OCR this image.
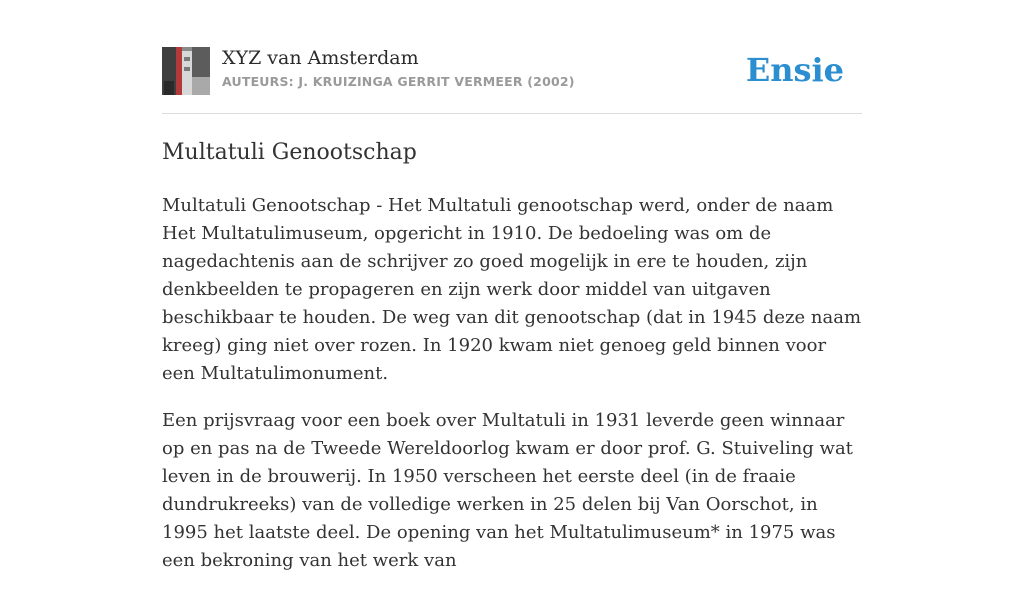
XYZ van Amsterdam
AUTEURS: J. KRUIZINGA GERRIT VERMEER (2002)	Ensie
Multatuli Genootschap

Multatuli Genootschap - Het Multatuli genootschap werd, onder de naam Het Multatulimuseum, opgericht in 1910. De bedoeling was om de nagedachtenis aan de schrijver zo goed mogelijk in ere te houden, zijn denkbeelden te propageren en zijn werk door middel van uitgaven beschikbaar te houden. De weg van dit genootschap (dat in 1945 deze naam kreeg) ging niet over rozen. In 1920 kwam niet genoeg geld binnen voor een Multatulimonument.

Een prijsvraag voor een boek over Multatuli in 1931 leverde geen winnaar op en pas na de Tweede Wereldoorlog kwam er door prof. G. Stuiveling wat leven in de brouwerij. In 1950 verscheen het eerste deel (in de fraaie dundrukreeks) van de volledige werken in 25 delen bij Van Oorschot, in 1995 het laatste deel. De opening van het Multatulimuseum* in 1975 was een bekroning van het werk van
